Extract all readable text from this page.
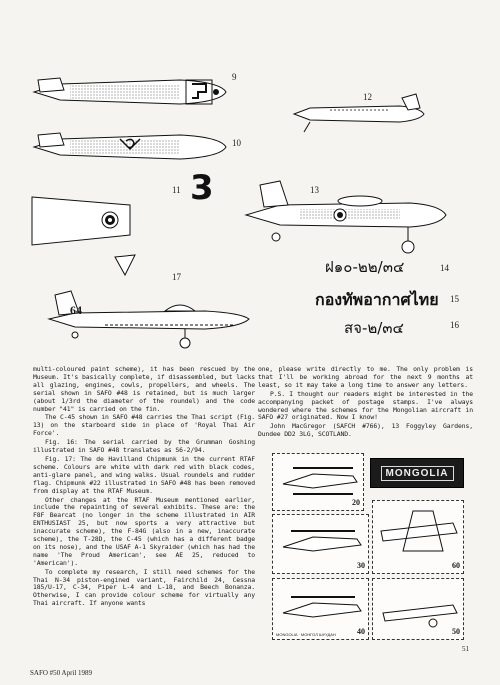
9
10
11 3
12
13
ฝ๑๐-๒๒/๓๔	14
กองทัพอากาศไทย 15
สจ-๒/๓๔	16
17
64

multi-coloured paint scheme), it has been rescued by the Museum. It's basically complete, if disassembled, but lacks all glazing, engines, cowls, propellers, and wheels. The serial shown in SAFO #48 is retained, but is much larger (about 1/3rd the diameter of the roundel) and the code number "41" is carried on the fin.

The C-45 shown in SAFO #48 carries the Thai script (Fig. 13) on the starboard side in place of 'Royal Thai Air Force'.

Fig. 16: The serial carried by the Grumman Goshing illustrated in SAFO #48 translates as S6-2/94.

Fig. 17: The de Havilland Chipmunk in the current RTAF scheme. Colours are white with dark red with black codes, anti-glare panel, and wing walks. Usual roundels and rudder flag. Chipmunk #22 illustrated in SAFO #48 has been removed from display at the RTAF Museum.

Other changes at the RTAF Museum mentioned earlier, include the repainting of several exhibits. These are: the F8F Bearcat (no longer in the scheme illustrated in AIR ENTHUSIAST 25, but now sports a very attractive but inaccurate scheme), the F-84G (also in a new, inaccurate scheme), the T-28D, the C-45 (which has a different badge on its nose), and the USAF A-1 Skyraider (which has had the name 'The Proud American', see AE 25, reduced to 'American').

To complete my research, I still need schemes for the Thai N-34 piston-engined variant, Fairchild 24, Cessna 185/U-17, C-34, Piper L-4 and L-18, and Beech Bonanza. Otherwise, I can provide colour scheme for virtually any Thai aircraft. If anyone wants

one, please write directly to me. The only problem is that I'll be working abroad for the next 9 months at least, so it may take a long time to answer any letters.

P.S. I thought our readers might be interested in the accompanying packet of postage stamps. I've always wondered where the schemes for the Mongolian aircraft in SAFO #27 originated. Now I know!

John MacGregor (SAFCH #766), 13 Foggyley Gardens, Dundee DD2 3LG, SCOTLAND.

20
MONGOLIA
30	60
40
MONGOLIA · МОНГОЛ ШУУДАН	50
SAFO #50 April 1989
51
